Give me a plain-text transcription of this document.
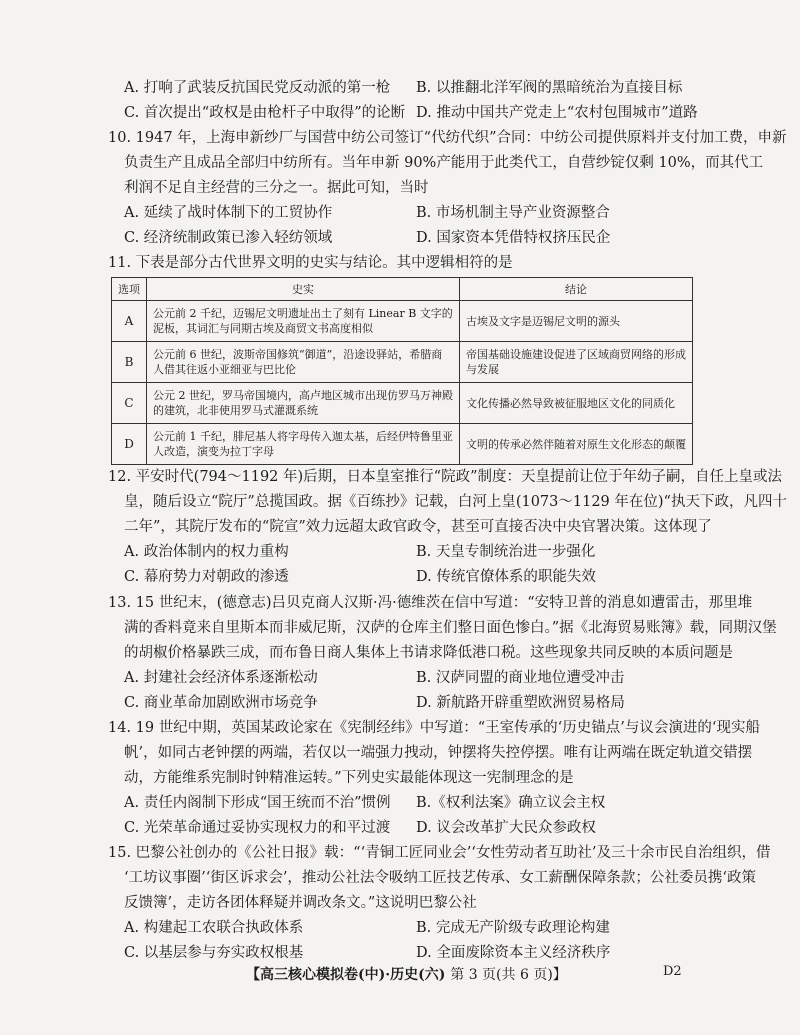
A. 打响了武装反抗国民党反动派的第一枪 B. 以推翻北洋军阀的黑暗统治为直接目标
C. 首次提出“政权是由枪杆子中取得”的论断 D. 推动中国共产党走上“农村包围城市”道路
10. 1947 年，上海申新纱厂与国营中纺公司签订“代纺代织”合同：中纺公司提供原料并支付加工费，申新
负责生产且成品全部归中纺所有。当年申新 90%产能用于此类代工，自营纱锭仅剩 10%，而其代工
利润不足自主经营的三分之一。据此可知，当时
A. 延续了战时体制下的工贸协作	B. 市场机制主导产业资源整合
C. 经济统制政策已渗入轻纺领域	D. 国家资本凭借特权挤压民企
11. 下表是部分古代世界文明的史实与结论。其中逻辑相符的是
选项	史实	结论
A	公元前 2 千纪，迈锡尼文明遗址出土了刻有 Linear B 文字的泥板，其词汇与同期古埃及商贸文书高度相似	古埃及文字是迈锡尼文明的源头
B	公元前 6 世纪，波斯帝国修筑“御道”，沿途设驿站，希腊商人借其往返小亚细亚与巴比伦	帝国基础设施建设促进了区域商贸网络的形成与发展
C	公元 2 世纪，罗马帝国境内，高卢地区城市出现仿罗马万神殿的建筑，北非使用罗马式灌溉系统	文化传播必然导致被征服地区文化的同质化
D	公元前 1 千纪，腓尼基人将字母传入迦太基，后经伊特鲁里亚人改造，演变为拉丁字母	文明的传承必然伴随着对原生文化形态的颠覆
12. 平安时代(794～1192 年)后期，日本皇室推行“院政”制度：天皇提前让位于年幼子嗣，自任上皇或法
皇，随后设立“院厅”总揽国政。据《百练抄》记载，白河上皇(1073～1129 年在位)“执天下政，凡四十
二年”，其院厅发布的“院宣”效力远超太政官政令，甚至可直接否决中央官署决策。这体现了
A. 政治体制内的权力重构	B. 天皇专制统治进一步强化
C. 幕府势力对朝政的渗透	D. 传统官僚体系的职能失效
13. 15 世纪末，(德意志)吕贝克商人汉斯·冯·德维茨在信中写道：“安特卫普的消息如遭雷击，那里堆
满的香料竟来自里斯本而非威尼斯，汉萨的仓库主们整日面色惨白。”据《北海贸易账簿》载，同期汉堡
的胡椒价格暴跌三成，而布鲁日商人集体上书请求降低港口税。这些现象共同反映的本质问题是
A. 封建社会经济体系逐渐松动	B. 汉萨同盟的商业地位遭受冲击
C. 商业革命加剧欧洲市场竞争	D. 新航路开辟重塑欧洲贸易格局
14. 19 世纪中期，英国某政论家在《宪制经纬》中写道：“王室传承的‘历史锚点’与议会演进的‘现实船
帆’，如同古老钟摆的两端，若仅以一端强力拽动，钟摆将失控停摆。唯有让两端在既定轨道交错摆
动，方能维系宪制时钟精准运转。”下列史实最能体现这一宪制理念的是
A. 责任内阁制下形成“国王统而不治”惯例 B.《权利法案》确立议会主权
C. 光荣革命通过妥协实现权力的和平过渡 D. 议会改革扩大民众参政权
15. 巴黎公社创办的《公社日报》载：“‘青铜工匠同业会’‘女性劳动者互助社’及三十余市民自治组织，借
‘工坊议事圈’‘街区诉求会’，推动公社法令吸纳工匠技艺传承、女工薪酬保障条款；公社委员携‘政策
反馈簿’，走访各团体释疑并调改条文。”这说明巴黎公社
A. 构建起工农联合执政体系	B. 完成无产阶级专政理论构建
C. 以基层参与夯实政权根基	D. 全面废除资本主义经济秩序
【高三核心模拟卷(中)·历史(六) 第 3 页(共 6 页)】	D2
